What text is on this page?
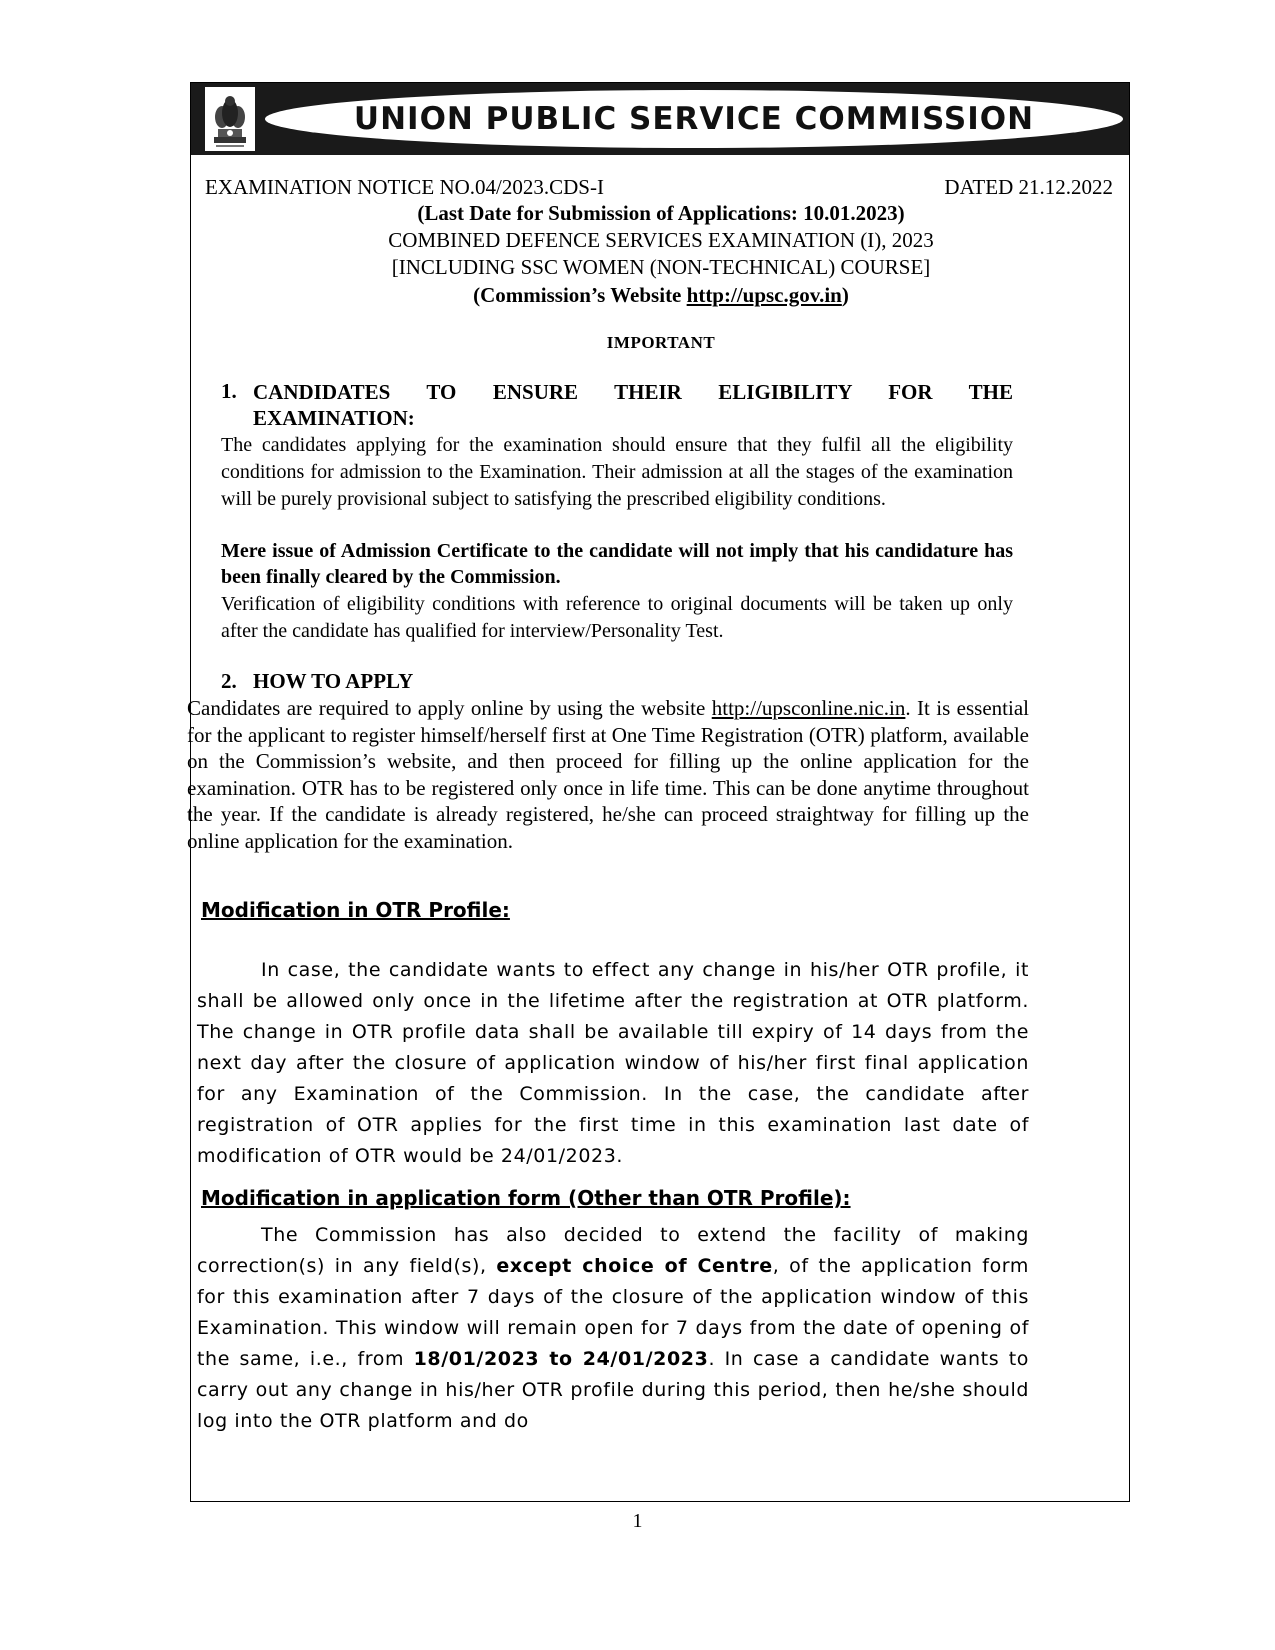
UNION PUBLIC SERVICE COMMISSION
EXAMINATION NOTICE NO.04/2023.CDS-I	DATED 21.12.2022
(Last Date for Submission of Applications: 10.01.2023)
COMBINED DEFENCE SERVICES EXAMINATION (I), 2023
[INCLUDING SSC WOMEN (NON-TECHNICAL) COURSE]
(Commission’s Website http://upsc.gov.in)
IMPORTANT
1. CANDIDATES TO ENSURE THEIR ELIGIBILITY FOR THE EXAMINATION:
The candidates applying for the examination should ensure that they fulfil all the eligibility conditions for admission to the Examination. Their admission at all the stages of the examination will be purely provisional subject to satisfying the prescribed eligibility conditions.
Mere issue of Admission Certificate to the candidate will not imply that his candidature has been finally cleared by the Commission.
Verification of eligibility conditions with reference to original documents will be taken up only after the candidate has qualified for interview/Personality Test.
2. HOW TO APPLY
Candidates are required to apply online by using the website http://upsconline.nic.in. It is essential for the applicant to register himself/herself first at One Time Registration (OTR) platform, available on the Commission’s website, and then proceed for filling up the online application for the examination. OTR has to be registered only once in life time. This can be done anytime throughout the year. If the candidate is already registered, he/she can proceed straightway for filling up the online application for the examination.
Modification in OTR Profile:
In case, the candidate wants to effect any change in his/her OTR profile, it shall be allowed only once in the lifetime after the registration at OTR platform. The change in OTR profile data shall be available till expiry of 14 days from the next day after the closure of application window of his/her first final application for any Examination of the Commission. In the case, the candidate after registration of OTR applies for the first time in this examination last date of modification of OTR would be 24/01/2023.
Modification in application form (Other than OTR Profile):
The Commission has also decided to extend the facility of making correction(s) in any field(s), except choice of Centre, of the application form for this examination after 7 days of the closure of the application window of this Examination. This window will remain open for 7 days from the date of opening of the same, i.e., from 18/01/2023 to 24/01/2023. In case a candidate wants to carry out any change in his/her OTR profile during this period, then he/she should log into the OTR platform and do
1
